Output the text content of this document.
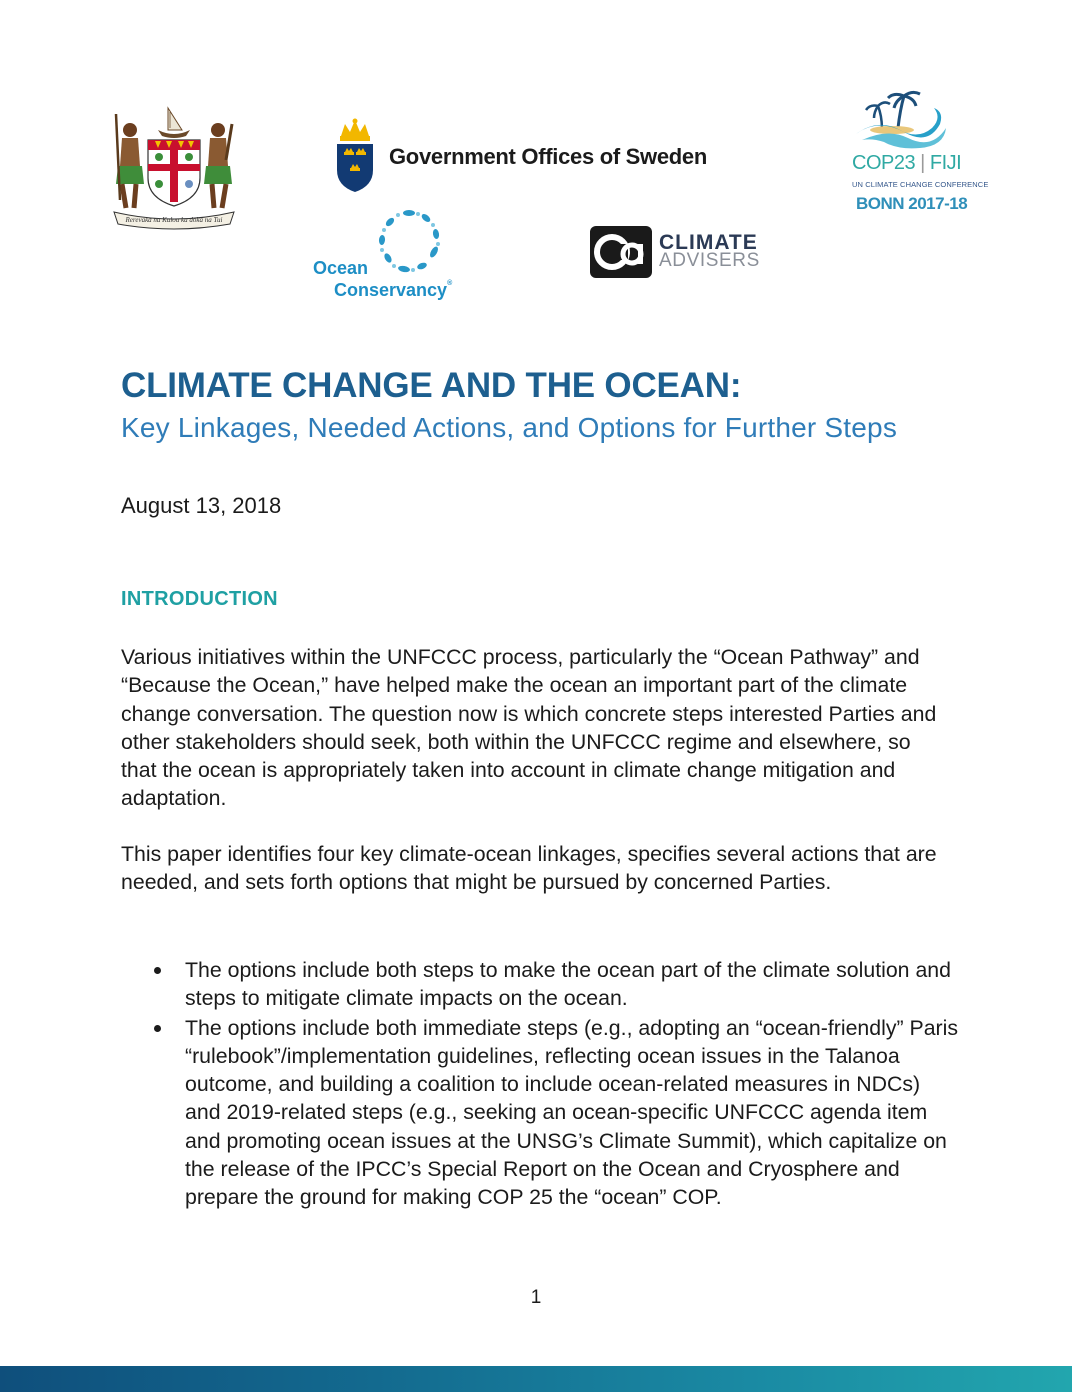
Rerevaka na Kalou ka doka na Tui
Government Offices of Sweden	COP23 | FIJI
UN CLIMATE CHANGE CONFERENCE
BONN 2017-18
Ocean
Conservancy®
CLIMATE
ADVISERS
CLIMATE CHANGE AND THE OCEAN:
Key Linkages, Needed Actions, and Options for Further Steps
August 13, 2018
INTRODUCTION

Various initiatives within the UNFCCC process, particularly the “Ocean Pathway” and “Because the Ocean,” have helped make the ocean an important part of the climate change conversation. The question now is which concrete steps interested Parties and other stakeholders should seek, both within the UNFCCC regime and elsewhere, so that the ocean is appropriately taken into account in climate change mitigation and adaptation.

This paper identifies four key climate-ocean linkages, specifies several actions that are needed, and sets forth options that might be pursued by concerned Parties.

The options include both steps to make the ocean part of the climate solution and steps to mitigate climate impacts on the ocean.
The options include both immediate steps (e.g., adopting an “ocean-friendly” Paris “rulebook”/implementation guidelines, reflecting ocean issues in the Talanoa outcome, and building a coalition to include ocean-related measures in NDCs) and 2019-related steps (e.g., seeking an ocean-specific UNFCCC agenda item and promoting ocean issues at the UNSG’s Climate Summit), which capitalize on the release of the IPCC’s Special Report on the Ocean and Cryosphere and prepare the ground for making COP 25 the “ocean” COP.
1
